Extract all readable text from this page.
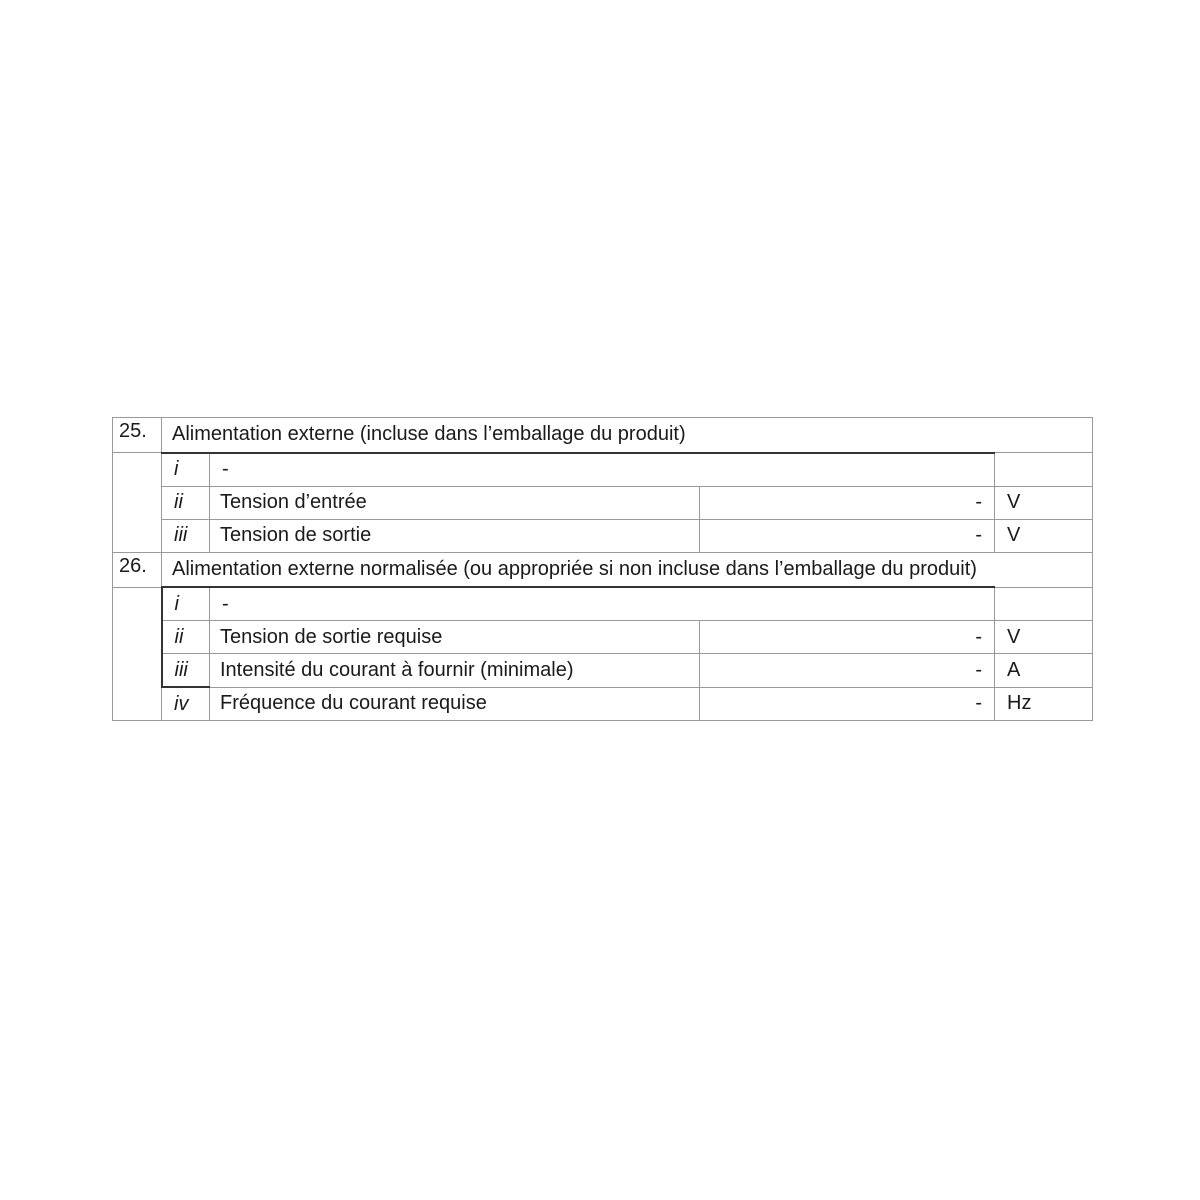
25.	Alimentation externe (incluse dans l’emballage du produit)			
	i	-		
	ii	Tension d’entrée	-	V
	iii	Tension de sortie	-	V
26.	Alimentation externe normalisée (ou appropriée si non incluse dans l’emballage du produit)			
	i	-		
	ii	Tension de sortie requise	-	V
	iii	Intensité du courant à fournir (minimale)	-	A
	iv	Fréquence du courant requise	-	Hz
